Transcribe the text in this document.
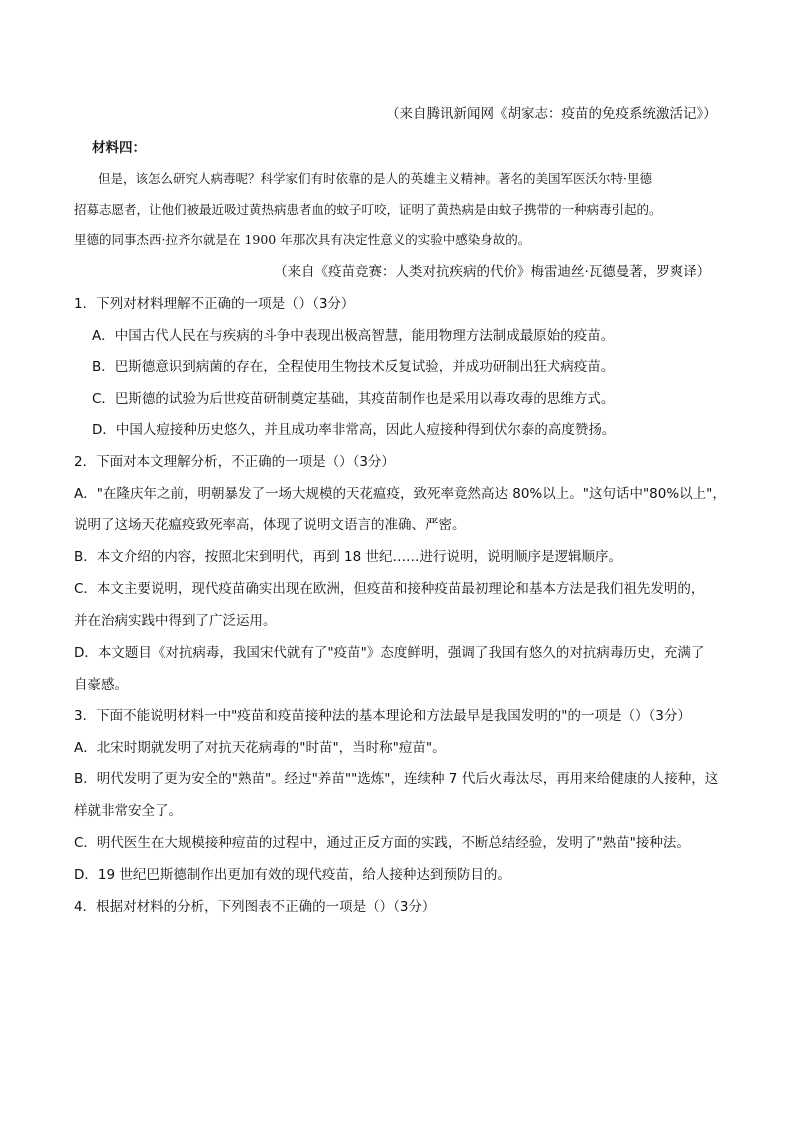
（来自腾讯新闻网《胡家志：疫苗的免疫系统激活记》）
材料四：
但是，该怎么研究人病毒呢？科学家们有时依靠的是人的英雄主义精神。著名的美国军医沃尔特·里德
招募志愿者，让他们被最近吸过黄热病患者血的蚊子叮咬，证明了黄热病是由蚊子携带的一种病毒引起的。
里德的同事杰西·拉齐尔就是在 1900 年那次具有决定性意义的实验中感染身故的。
（来自《疫苗竞赛：人类对抗疾病的代价》梅雷迪丝·瓦德曼著，罗爽译）
1．下列对材料理解不正确的一项是（）（3分）
A．中国古代人民在与疾病的斗争中表现出极高智慧，能用物理方法制成最原始的疫苗。
B．巴斯德意识到病菌的存在，全程使用生物技术反复试验，并成功研制出狂犬病疫苗。
C．巴斯德的试验为后世疫苗研制奠定基础，其疫苗制作也是采用以毒攻毒的思维方式。
D．中国人痘接种历史悠久，并且成功率非常高，因此人痘接种得到伏尔泰的高度赞扬。
2．下面对本文理解分析，不正确的一项是（）（3分）
A．"在隆庆年之前，明朝暴发了一场大规模的天花瘟疫，致死率竟然高达 80%以上。"这句话中"80%以上"，
说明了这场天花瘟疫致死率高，体现了说明文语言的准确、严密。
B．本文介绍的内容，按照北宋到明代，再到 18 世纪……进行说明，说明顺序是逻辑顺序。
C．本文主要说明，现代疫苗确实出现在欧洲，但疫苗和接种疫苗最初理论和基本方法是我们祖先发明的，
并在治病实践中得到了广泛运用。
D．本文题目《对抗病毒，我国宋代就有了"疫苗"》态度鲜明，强调了我国有悠久的对抗病毒历史，充满了
自豪感。
3．下面不能说明材料一中"疫苗和疫苗接种法的基本理论和方法最早是我国发明的"的一项是（）（3分）
A．北宋时期就发明了对抗天花病毒的"时苗"，当时称"痘苗"。
B．明代发明了更为安全的"熟苗"。经过"养苗""选炼"，连续种 7 代后火毒汰尽，再用来给健康的人接种，这
样就非常安全了。
C．明代医生在大规模接种痘苗的过程中，通过正反方面的实践，不断总结经验，发明了"熟苗"接种法。
D．19 世纪巴斯德制作出更加有效的现代疫苗，给人接种达到预防目的。
4．根据对材料的分析，下列图表不正确的一项是（）（3分）
